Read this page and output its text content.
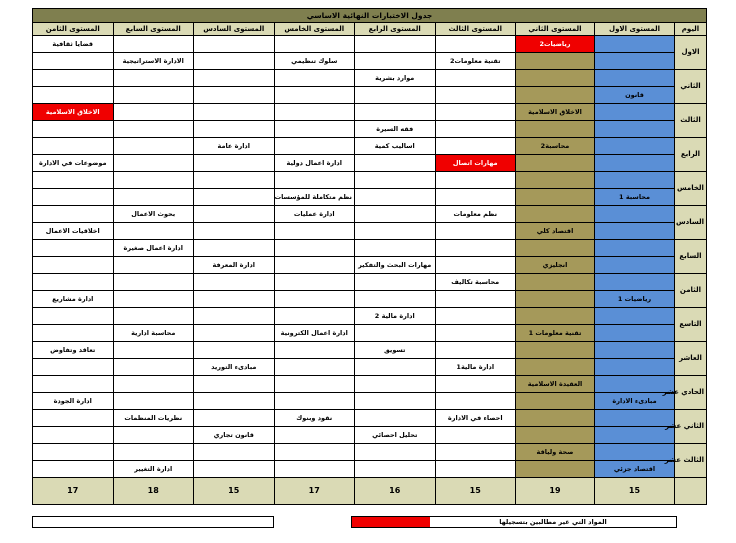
جدول الاختبارات النهائية الاساسي								
اليوم	المستوى الاول	المستوى الثاني	المستوى الثالث	المستوى الرابع	المستوى الخامس	المستوى السادس	المستوى السابع	المستوى الثامن
الاول		رياضيات2						قضايا ثقافية
			تقنية معلومات2		سلوك تنظيمي		الادارة الاستراتيجية	
الثاني				موارد بشرية				
	قانون							
الثالث		الاخلاق الاسلامية						الاخلاق الاسلامية
				فقه السيرة				
الرابع		محاسبة2		اساليب كمية		ادارة عامة		
			مهارات اتصال		ادارة اعمال دولية			موضوعات في الادارة
الخامس								
	محاسبة 1				نظم متكاملة للمؤسسات			
السادس			نظم معلومات		ادارة عمليات		بحوث الاعمال	
		اقتصاد كلي						اخلاقيات الاعمال
السابع							ادارة اعمال صغيرة	
		انجليزي		مهارات البحث والتفكير		ادارة المعرفة		
الثامن			محاسبة تكاليف					
	رياضيات 1							ادارة مشاريع
التاسع				ادارة مالية 2				
		تقنية معلومات 1			ادارة اعمال الكترونية		محاسبة ادارية	
العاشر				تسويق				تعاقد وتفاوض
			ادارة مالية1			مبادىء التوريد		
الحادي عشر		العقيدة الاسلامية						
	مبادىء الادارة							ادارة الجودة
الثاني عشر			احصاء في الادارة		نقود وبنوك		نظريات المنظمات	
				تحليل احصائي		قانون تجاري		
الثالث عشر		صحة ولياقة						
	اقتصاد جزئي						ادارة التغيير	
	15	19	15	16	17	15	18	17
المواد التي غير مطالبين بتسجيلها
